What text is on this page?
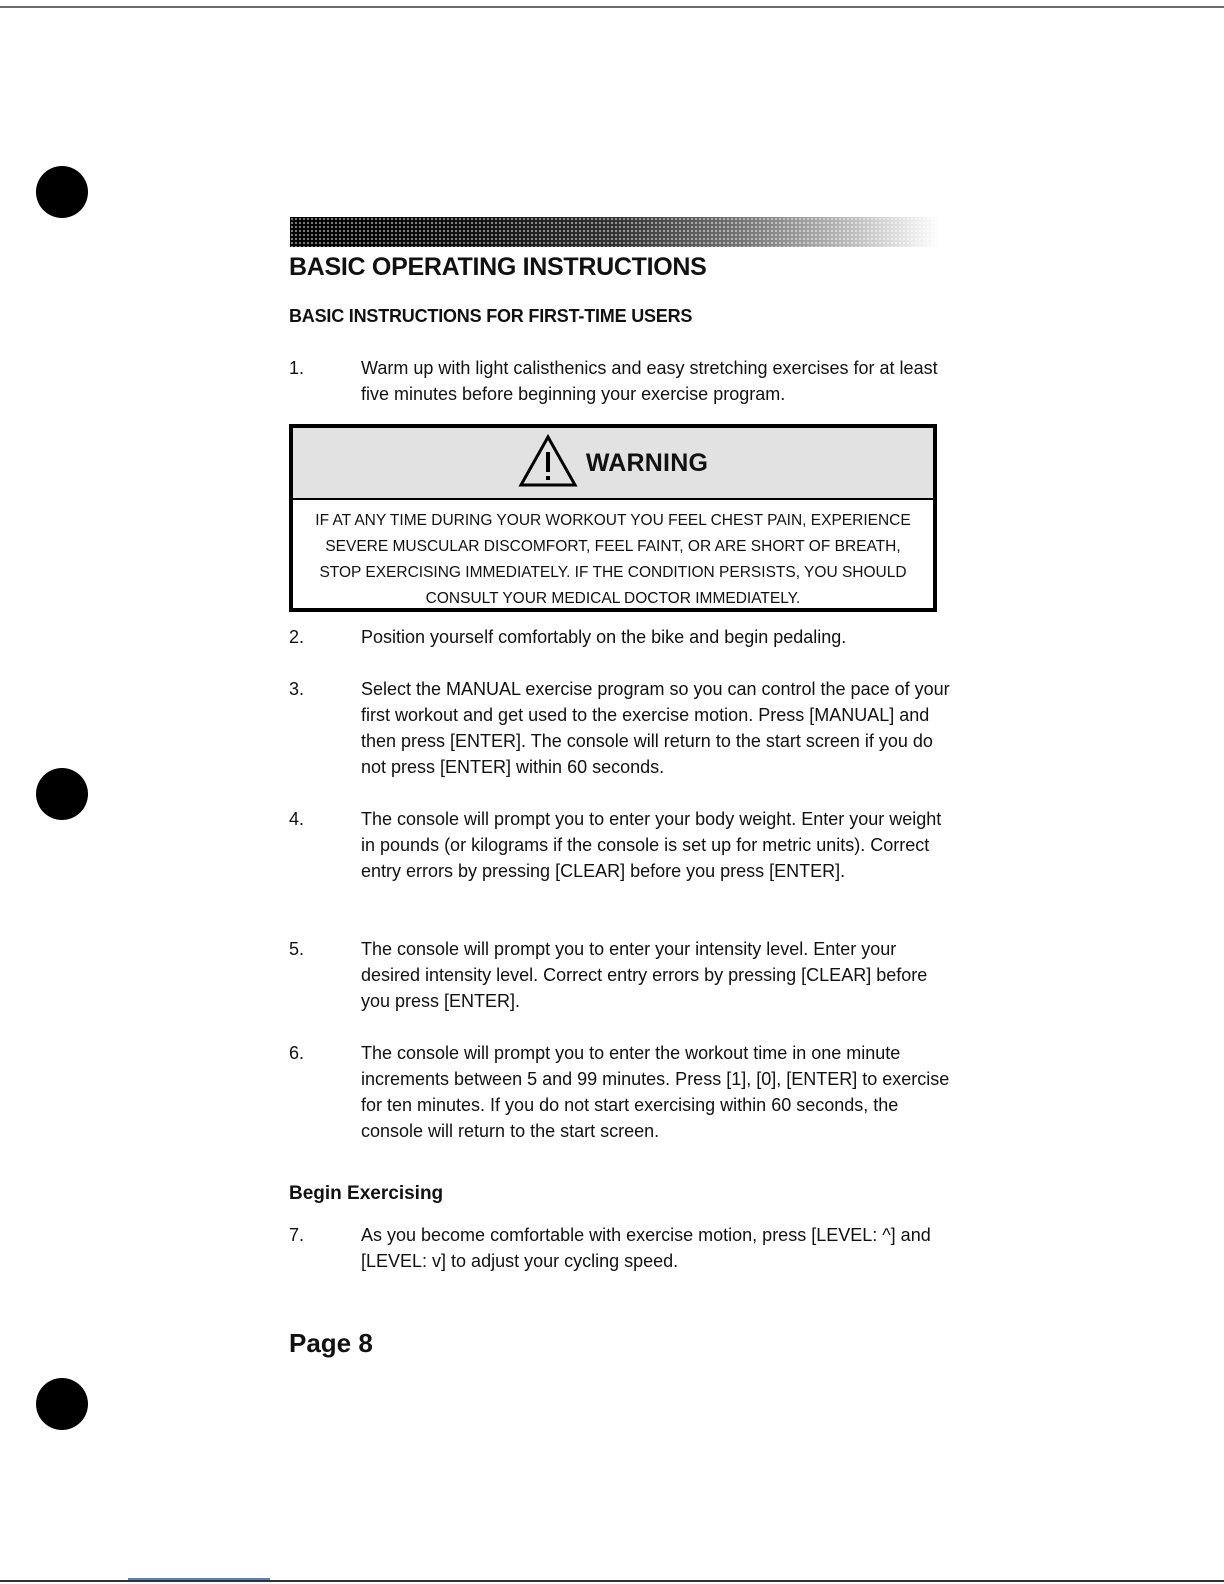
BASIC OPERATING INSTRUCTIONS
BASIC INSTRUCTIONS FOR FIRST-TIME USERS
1.	Warm up with light calisthenics and easy stretching exercises for at least five minutes before beginning your exercise program.
WARNING
IF AT ANY TIME DURING YOUR WORKOUT YOU FEEL CHEST PAIN, EXPERIENCE SEVERE MUSCULAR DISCOMFORT, FEEL FAINT, OR ARE SHORT OF BREATH, STOP EXERCISING IMMEDIATELY. IF THE CONDITION PERSISTS, YOU SHOULD CONSULT YOUR MEDICAL DOCTOR IMMEDIATELY.
2.	Position yourself comfortably on the bike and begin pedaling.
3.	Select the MANUAL exercise program so you can control the pace of your first workout and get used to the exercise motion. Press [MANUAL] and then press [ENTER]. The console will return to the start screen if you do not press [ENTER] within 60 seconds.
4.	The console will prompt you to enter your body weight. Enter your weight in pounds (or kilograms if the console is set up for metric units). Correct entry errors by pressing [CLEAR] before you press [ENTER].
5.	The console will prompt you to enter your intensity level. Enter your desired intensity level. Correct entry errors by pressing [CLEAR] before you press [ENTER].
6.	The console will prompt you to enter the workout time in one minute increments between 5 and 99 minutes. Press [1], [0], [ENTER] to exercise for ten minutes. If you do not start exercising within 60 seconds, the console will return to the start screen.
Begin Exercising
7.	As you become comfortable with exercise motion, press [LEVEL: ^] and [LEVEL: v] to adjust your cycling speed.
Page 8
